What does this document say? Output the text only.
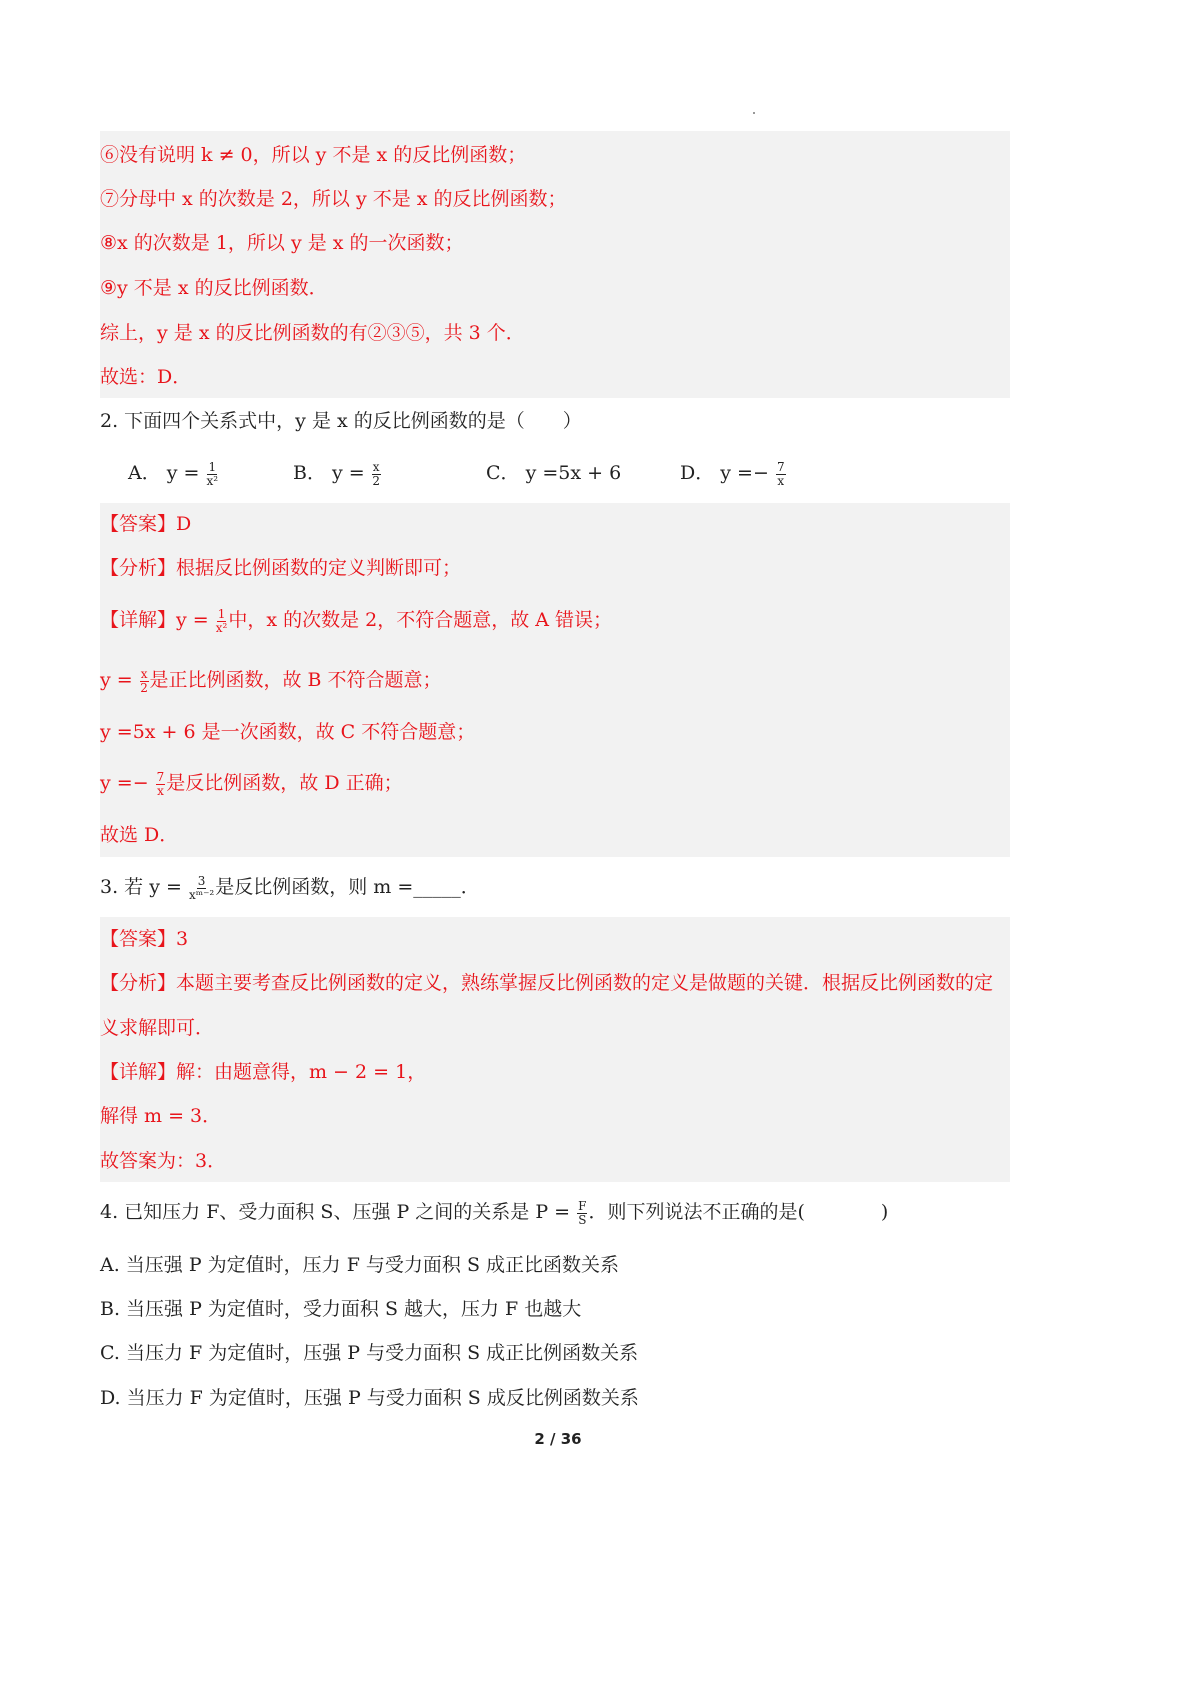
⑥没有说明 k ≠ 0，所以 y 不是 x 的反比例函数；
⑦分母中 x 的次数是 2，所以 y 不是 x 的反比例函数；
⑧x 的次数是 1，所以 y 是 x 的一次函数；
⑨y 不是 x 的反比例函数．
综上，y 是 x 的反比例函数的有②③⑤，共 3 个．
故选：D．
2. 下面四个关系式中，y 是 x 的反比例函数的是（　　）
A． $y = \frac{1}{\text{x²}}$	B． $y = \frac{x}{2}$	C． y =5x + 6	D． $y =- \frac{7}{x}$
【答案】D
【分析】根据反比例函数的定义判断即可；
【详解】$y = \frac{1}{\text{x²}}$ 中，x 的次数是 2，不符合题意，故 A 错误；
$y = \frac{x}{2}$ 是正比例函数，故 B 不符合题意；
y =5x + 6 是一次函数，故 C 不符合题意；
$y =- \frac{7}{x}$ 是反比例函数，故 D 正确；
故选 D．
3. 若 $y = \frac{3}{\text{xᵐ⁻²}}$ 是反比例函数，则 m =_____．
【答案】3
【分析】本题主要考查反比例函数的定义，熟练掌握反比例函数的定义是做题的关键．根据反比例函数的定
义求解即可．
【详解】解：由题意得，m − 2 = 1，
解得 m = 3．
故答案为：3．
4. 已知压力 F、受力面积 S、压强 P 之间的关系是 $P = \frac{F}{S}$ ．则下列说法不正确的是(　　　　)
A. 当压强 P 为定值时，压力 F 与受力面积 S 成正比函数关系
B. 当压强 P 为定值时，受力面积 S 越大，压力 F 也越大
C. 当压力 F 为定值时，压强 P 与受力面积 S 成正比例函数关系
D. 当压力 F 为定值时，压强 P 与受力面积 S 成反比例函数关系
2 / 36
